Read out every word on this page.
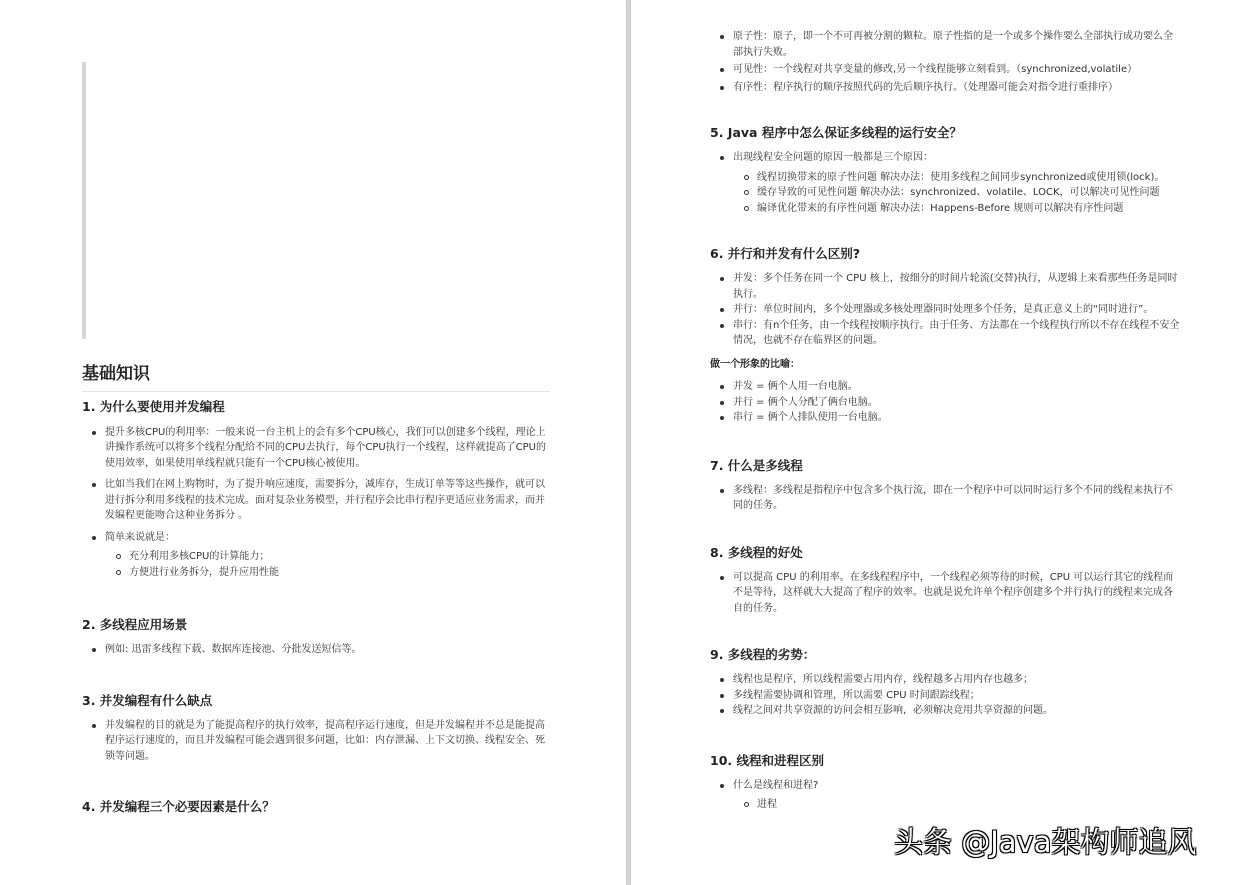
基础知识
1. 为什么要使用并发编程
提升多核CPU的利用率：一般来说一台主机上的会有多个CPU核心，我们可以创建多个线程，理论上讲操作系统可以将多个线程分配给不同的CPU去执行，每个CPU执行一个线程，这样就提高了CPU的使用效率，如果使用单线程就只能有一个CPU核心被使用。
比如当我们在网上购物时，为了提升响应速度，需要拆分，减库存，生成订单等等这些操作，就可以进行拆分利用多线程的技术完成。面对复杂业务模型，并行程序会比串行程序更适应业务需求，而并发编程更能吻合这种业务拆分 。
简单来说就是：
充分利用多核CPU的计算能力；
方便进行业务拆分，提升应用性能
2. 多线程应用场景
例如: 迅雷多线程下载、数据库连接池、分批发送短信等。
3. 并发编程有什么缺点
并发编程的目的就是为了能提高程序的执行效率，提高程序运行速度，但是并发编程并不总是能提高程序运行速度的，而且并发编程可能会遇到很多问题，比如：内存泄漏、上下文切换、线程安全、死锁等问题。
4. 并发编程三个必要因素是什么？
原子性：原子，即一个不可再被分割的颗粒。原子性指的是一个或多个操作要么全部执行成功要么全部执行失败。
可见性：一个线程对共享变量的修改,另一个线程能够立刻看到。（synchronized,volatile）
有序性：程序执行的顺序按照代码的先后顺序执行。（处理器可能会对指令进行重排序）
5. Java 程序中怎么保证多线程的运行安全？
出现线程安全问题的原因一般都是三个原因：
线程切换带来的原子性问题 解决办法：使用多线程之间同步synchronized或使用锁(lock)。
缓存导致的可见性问题 解决办法：synchronized、volatile、LOCK，可以解决可见性问题
编译优化带来的有序性问题 解决办法：Happens-Before 规则可以解决有序性问题
6. 并行和并发有什么区别?
并发：多个任务在同一个 CPU 核上，按细分的时间片轮流(交替)执行，从逻辑上来看那些任务是同时执行。
并行：单位时间内，多个处理器或多核处理器同时处理多个任务，是真正意义上的“同时进行”。
串行：有n个任务，由一个线程按顺序执行。由于任务、方法都在一个线程执行所以不存在线程不安全情况，也就不存在临界区的问题。
做一个形象的比喻：
并发 = 俩个人用一台电脑。
并行 = 俩个人分配了俩台电脑。
串行 = 俩个人排队使用一台电脑。
7. 什么是多线程
多线程：多线程是指程序中包含多个执行流，即在一个程序中可以同时运行多个不同的线程来执行不同的任务。
8. 多线程的好处
可以提高 CPU 的利用率。在多线程程序中，一个线程必须等待的时候，CPU 可以运行其它的线程而不是等待，这样就大大提高了程序的效率。也就是说允许单个程序创建多个并行执行的线程来完成各自的任务。
9. 多线程的劣势：
线程也是程序，所以线程需要占用内存，线程越多占用内存也越多；
多线程需要协调和管理，所以需要 CPU 时间跟踪线程；
线程之间对共享资源的访问会相互影响，必须解决竞用共享资源的问题。
10. 线程和进程区别
什么是线程和进程?
进程
头条 @Java架构师追风
